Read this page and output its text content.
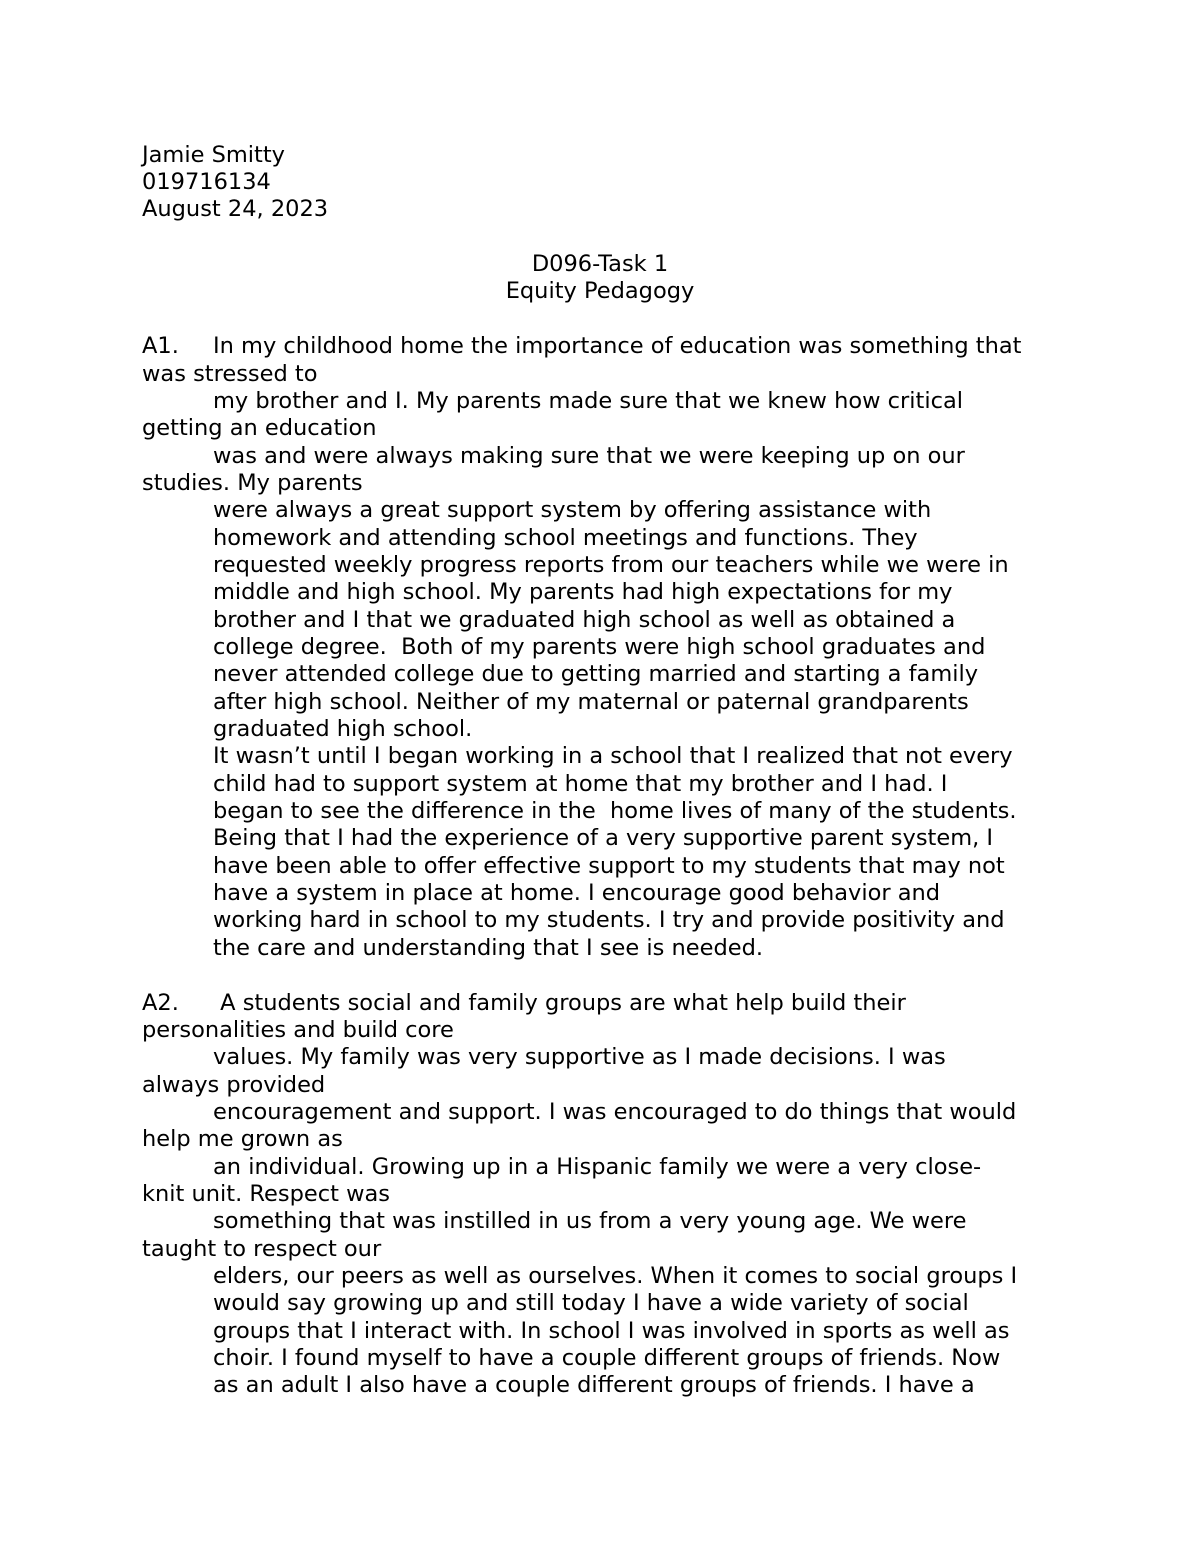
Jamie Smitty
019716134
August 24, 2023
D096-Task 1
Equity Pedagogy
A1. In my childhood home the importance of education was something that
was stressed to
my brother and I. My parents made sure that we knew how critical
getting an education
was and were always making sure that we were keeping up on our
studies. My parents
were always a great support system by offering assistance with
homework and attending school meetings and functions. They
requested weekly progress reports from our teachers while we were in
middle and high school. My parents had high expectations for my
brother and I that we graduated high school as well as obtained a
college degree.  Both of my parents were high school graduates and
never attended college due to getting married and starting a family
after high school. Neither of my maternal or paternal grandparents
graduated high school.
It wasn’t until I began working in a school that I realized that not every
child had to support system at home that my brother and I had. I
began to see the difference in the  home lives of many of the students.
Being that I had the experience of a very supportive parent system, I
have been able to offer effective support to my students that may not
have a system in place at home. I encourage good behavior and
working hard in school to my students. I try and provide positivity and
the care and understanding that I see is needed.
A2. A students social and family groups are what help build their
personalities and build core
values. My family was very supportive as I made decisions. I was
always provided
encouragement and support. I was encouraged to do things that would
help me grown as
an individual. Growing up in a Hispanic family we were a very close-
knit unit. Respect was
something that was instilled in us from a very young age. We were
taught to respect our
elders, our peers as well as ourselves. When it comes to social groups I
would say growing up and still today I have a wide variety of social
groups that I interact with. In school I was involved in sports as well as
choir. I found myself to have a couple different groups of friends. Now
as an adult I also have a couple different groups of friends. I have a
